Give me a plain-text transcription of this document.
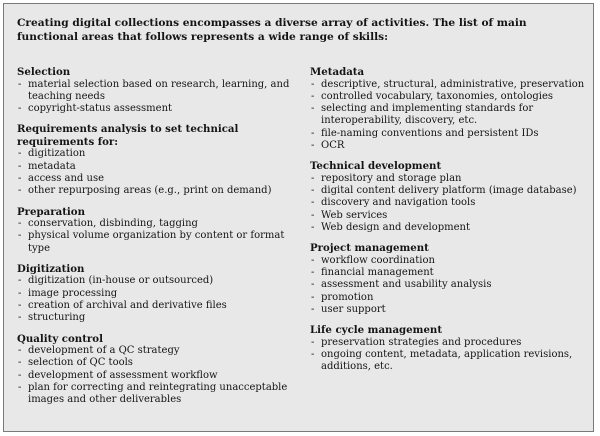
Creating digital collections encompasses a diverse array of activities. The list of main functional areas that follows represents a wide range of skills:
Selection
- material selection based on research, learning, and teaching needs
- copyright-status assessment
Requirements analysis to set technical requirements for:
- digitization
- metadata
- access and use
- other repurposing areas (e.g., print on demand)
Preparation
- conservation, disbinding, tagging
- physical volume organization by content or format type
Digitization
- digitization (in-house or outsourced)
- image processing
- creation of archival and derivative files
- structuring
Quality control
- development of a QC strategy
- selection of QC tools
- development of assessment workflow
- plan for correcting and reintegrating unacceptable images and other deliverables
Metadata
- descriptive, structural, administrative, preservation
- controlled vocabulary, taxonomies, ontologies
- selecting and implementing standards for interoperability, discovery, etc.
- file-naming conventions and persistent IDs
- OCR
Technical development
- repository and storage plan
- digital content delivery platform (image database)
- discovery and navigation tools
- Web services
- Web design and development
Project management
- workflow coordination
- financial management
- assessment and usability analysis
- promotion
- user support
Life cycle management
- preservation strategies and procedures
- ongoing content, metadata, application revisions, additions, etc.
